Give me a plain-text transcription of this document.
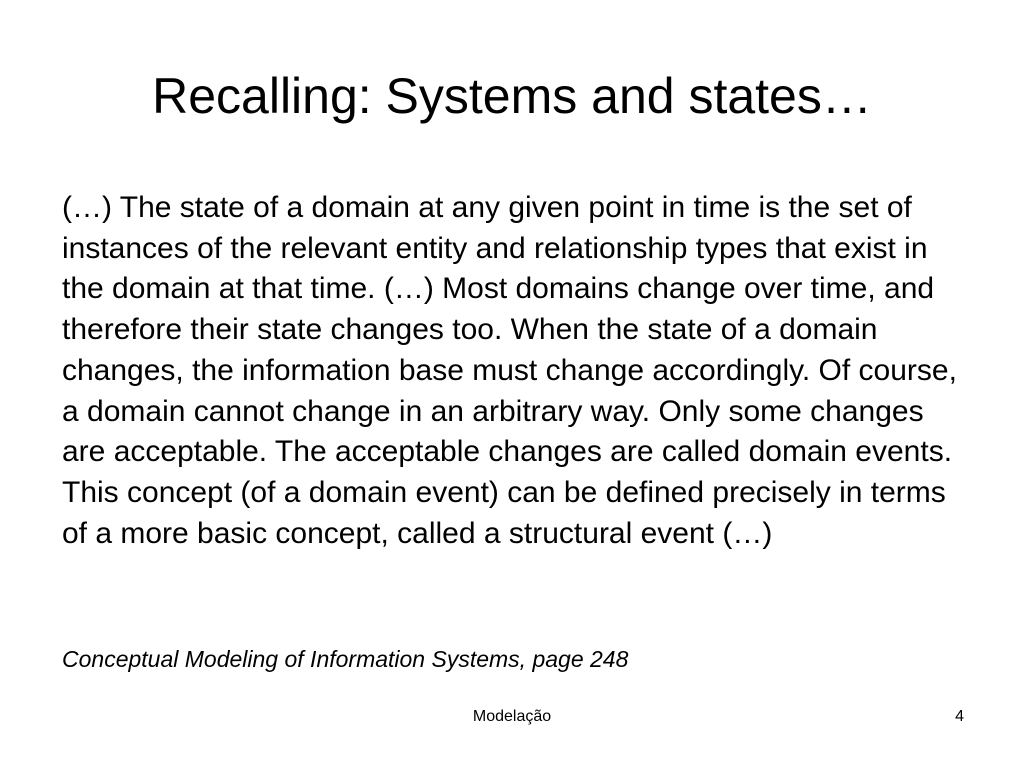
Recalling: Systems and states…

(…) The state of a domain at any given point in time is the set of instances of the relevant entity and relationship types that exist in the domain at that time. (…) Most domains change over time, and therefore their state changes too. When the state of a domain changes, the information base must change accordingly. Of course, a domain cannot change in an arbitrary way. Only some changes are acceptable. The acceptable changes are called domain events. This concept (of a domain event) can be defined precisely in terms of a more basic concept, called a structural event (…)

Conceptual Modeling of Information Systems, page 248

Modelação	4
